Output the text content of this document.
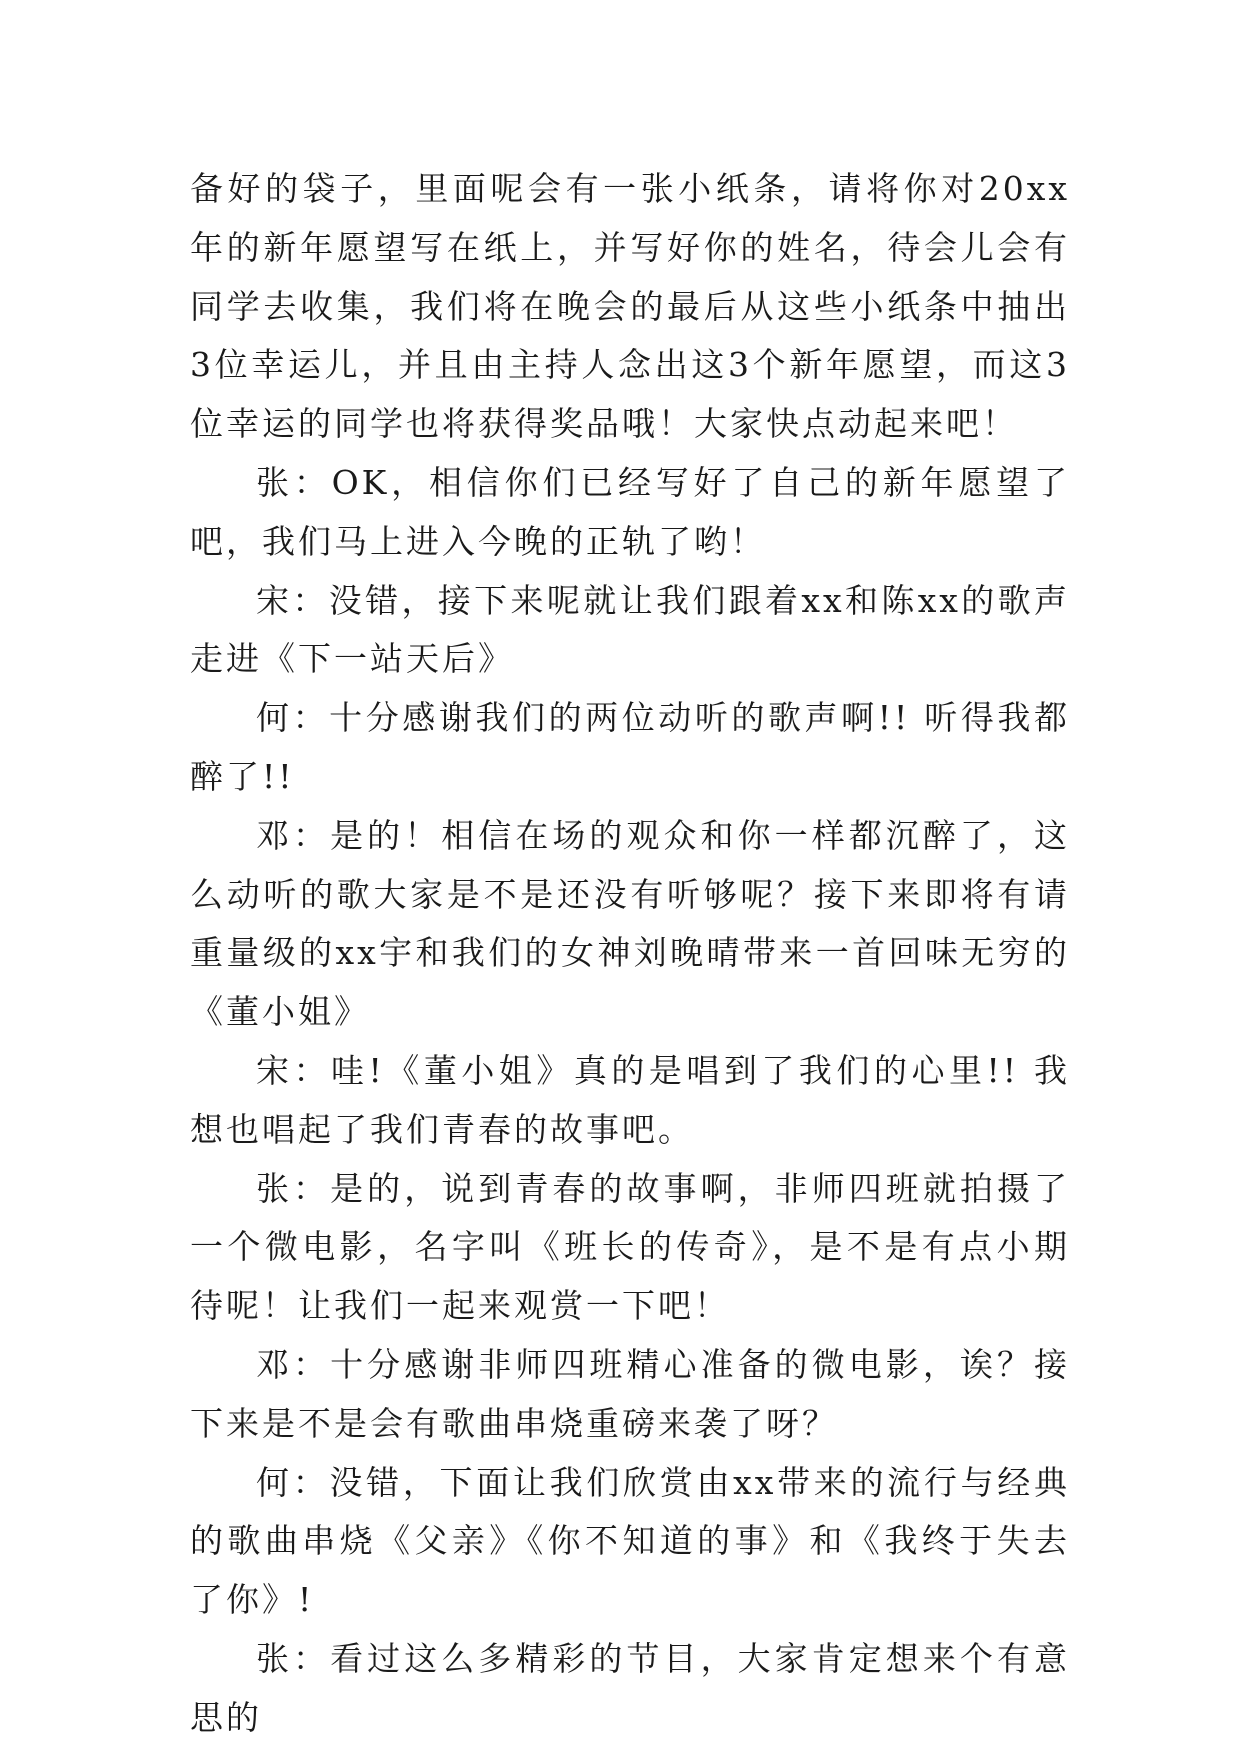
备好的袋子，里面呢会有一张小纸条，请将你对20xx年的新年愿望写在纸上，并写好你的姓名，待会儿会有同学去收集，我们将在晚会的最后从这些小纸条中抽出3位幸运儿，并且由主持人念出这3个新年愿望，而这3位幸运的同学也将获得奖品哦！大家快点动起来吧！

张：OK，相信你们已经写好了自己的新年愿望了吧，我们马上进入今晚的正轨了哟！

宋：没错，接下来呢就让我们跟着xx和陈xx的歌声走进《下一站天后》

何：十分感谢我们的两位动听的歌声啊!! 听得我都醉了!!

邓：是的！相信在场的观众和你一样都沉醉了，这么动听的歌大家是不是还没有听够呢？接下来即将有请重量级的xx宇和我们的女神刘晚晴带来一首回味无穷的《董小姐》

宋：哇!《董小姐》真的是唱到了我们的心里!! 我想也唱起了我们青春的故事吧。

张：是的，说到青春的故事啊，非师四班就拍摄了一个微电影，名字叫《班长的传奇》，是不是有点小期待呢！让我们一起来观赏一下吧！

邓：十分感谢非师四班精心准备的微电影，诶？接下来是不是会有歌曲串烧重磅来袭了呀？

何：没错，下面让我们欣赏由xx带来的流行与经典的歌曲串烧《父亲》《你不知道的事》和《我终于失去了你》!

张：看过这么多精彩的节目，大家肯定想来个有意思的
